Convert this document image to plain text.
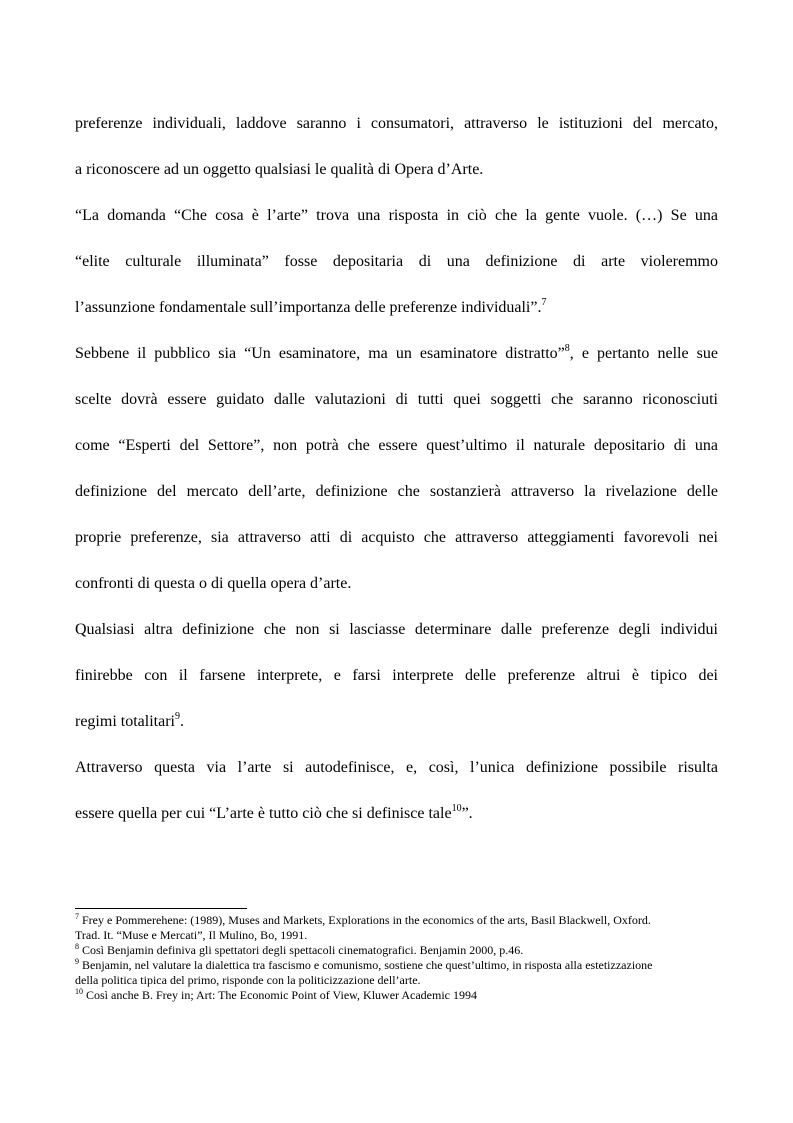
preferenze individuali, laddove saranno i consumatori, attraverso le istituzioni del mercato,
a riconoscere ad un oggetto qualsiasi le qualità di Opera d’Arte.
“La domanda “Che cosa è l’arte” trova una risposta in ciò che la gente vuole. (…) Se una
“elite culturale illuminata” fosse depositaria di una definizione di arte violeremmo
l’assunzione fondamentale sull’importanza delle preferenze individuali”.$^7$
Sebbene il pubblico sia “Un esaminatore, ma un esaminatore distratto”$^8$, e pertanto nelle sue
scelte dovrà essere guidato dalle valutazioni di tutti quei soggetti che saranno riconosciuti
come “Esperti del Settore”, non potrà che essere quest’ultimo il naturale depositario di una
definizione del mercato dell’arte, definizione che sostanzierà attraverso la rivelazione delle
proprie preferenze, sia attraverso atti di acquisto che attraverso atteggiamenti favorevoli nei
confronti di questa o di quella opera d’arte.
Qualsiasi altra definizione che non si lasciasse determinare dalle preferenze degli individui
finirebbe con il farsene interprete, e farsi interprete delle preferenze altrui è tipico dei
regimi totalitari$^9$.
Attraverso questa via l’arte si autodefinisce, e, così, l’unica definizione possibile risulta
essere quella per cui “L’arte è tutto ciò che si definisce tale$^{10}$”.
$^7$ Frey e Pommerehene: (1989), Muses and Markets, Explorations in the economics of the arts, Basil Blackwell, Oxford.
Trad. It. “Muse e Mercati”, Il Mulino, Bo, 1991.
$^8$ Così Benjamin definiva gli spettatori degli spettacoli cinematografici. Benjamin 2000, p.46.
$^9$ Benjamin, nel valutare la dialettica tra fascismo e comunismo, sostiene che quest’ultimo, in risposta alla estetizzazione
della politica tipica del primo, risponde con la politicizzazione dell’arte.
$^{10}$ Così anche B. Frey in; Art: The Economic Point of View, Kluwer Academic 1994
